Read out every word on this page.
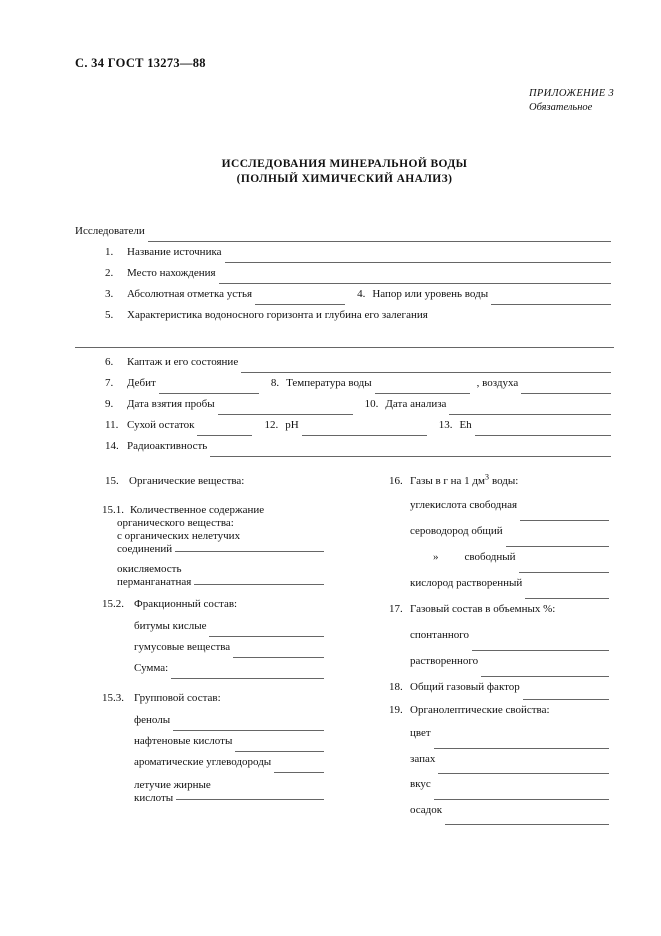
С. 34 ГОСТ 13273—88
ПРИЛОЖЕНИЕ 3
Обязательное
ИССЛЕДОВАНИЯ МИНЕРАЛЬНОЙ ВОДЫ
(ПОЛНЫЙ ХИМИЧЕСКИЙ АНАЛИЗ)
Исследователи
1.	Название источника
2.	Место нахождения
3.	Абсолютная отметка устья	4. Напор или уровень воды
5.	Характеристика водоносного горизонта и глубина его залегания
6.	Каптаж и его состояние
7.	Дебит	8. Температура воды	, воздуха
9.	Дата взятия пробы	10. Дата анализа
11. Сухой остаток	12. pH	13. Eh
14. Радиоактивность
15. Органические вещества:
15.1. Количественное содержание
органического вещества:
с органических нелетучих
соединений
окисляемость
перманганатная
15.2. Фракционный состав:
битумы кислые
гумусовые вещества
Сумма:
15.3. Групповой состав:
фенолы
нафтеновые кислоты
ароматические углеводороды
летучие жирные
кислоты
16. Газы в г на 1 $дм^3$ воды:
углекислота свободная
сероводород общий
» свободный
кислород растворенный
17. Газовый состав в объемных %:
спонтанного
растворенного
18. Общий газовый фактор
19. Органолептические свойства:
цвет
запах
вкус
осадок
